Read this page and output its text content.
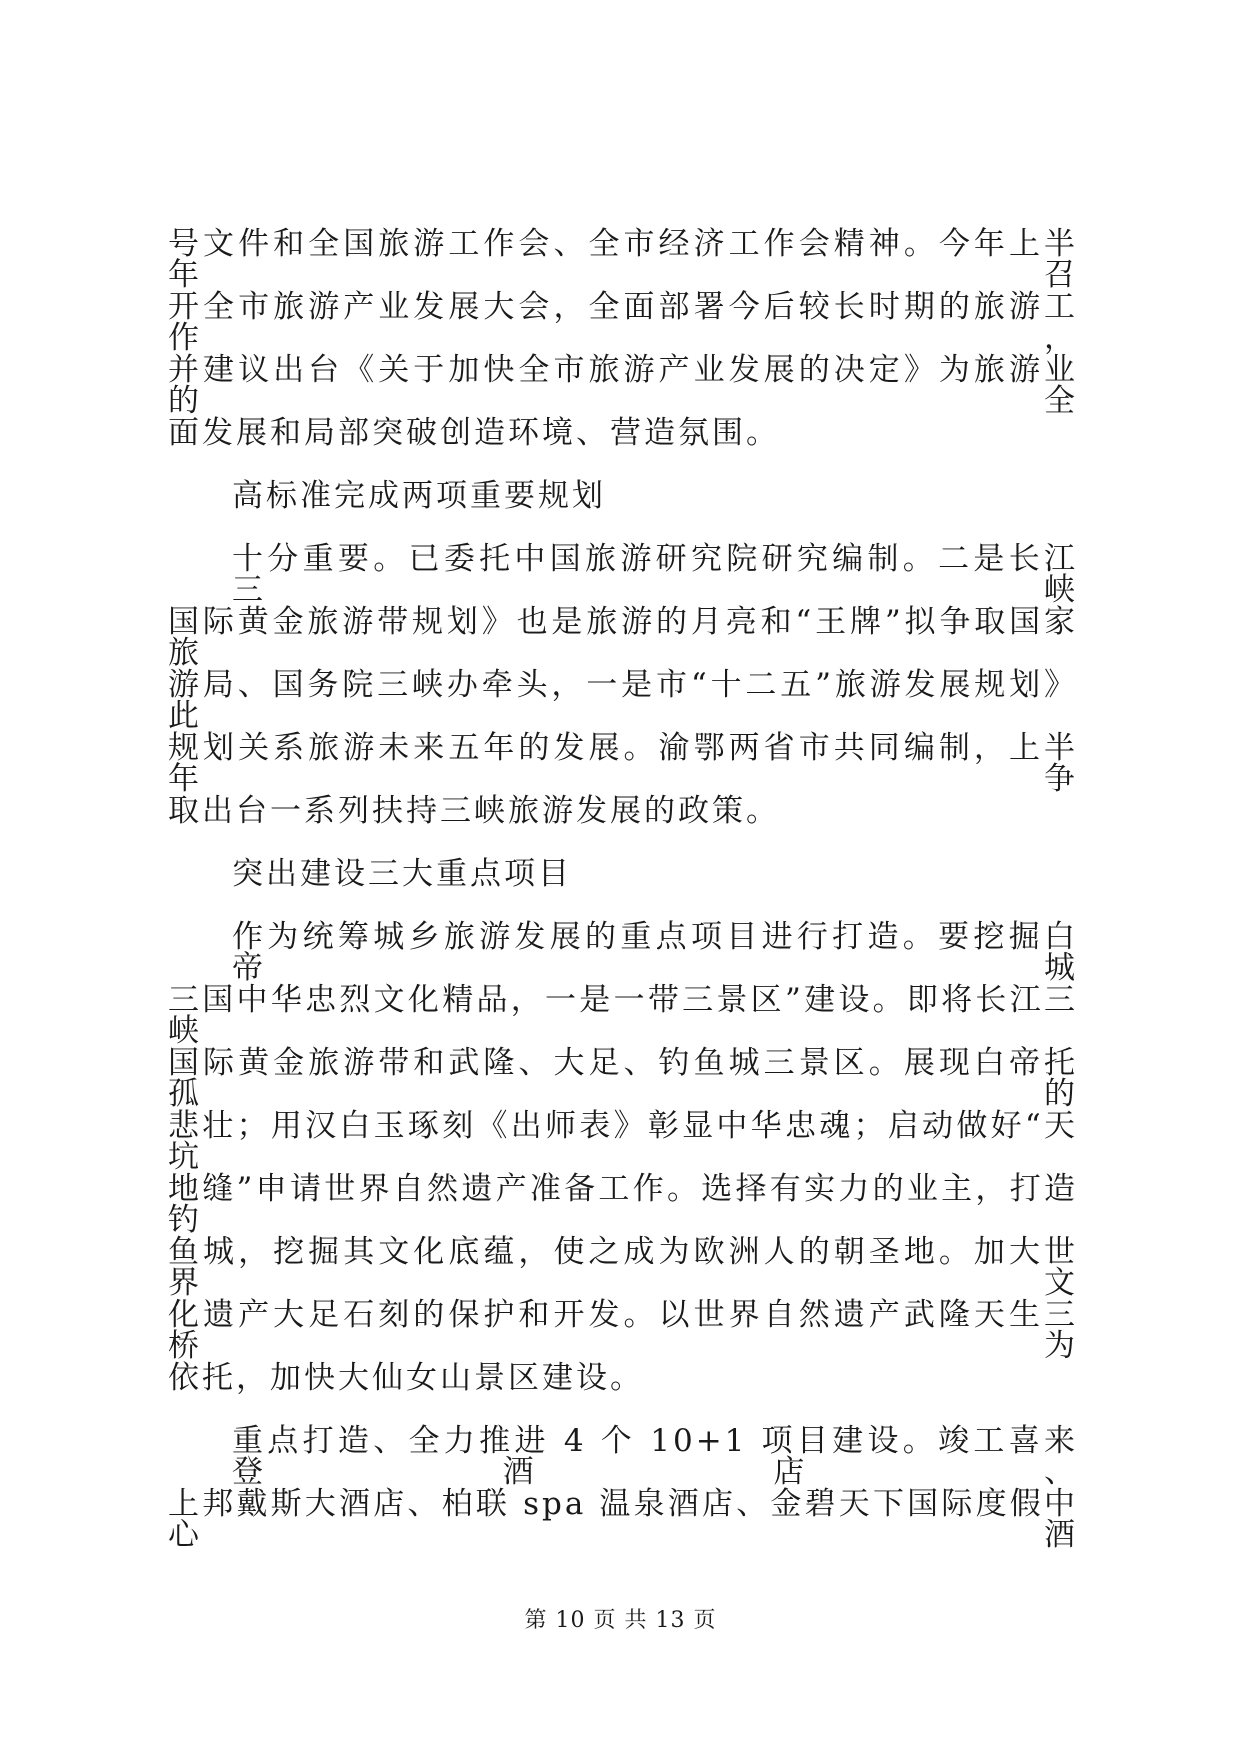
号文件和全国旅游工作会、全市经济工作会精神。今年上半年召
开全市旅游产业发展大会，全面部署今后较长时期的旅游工作，
并建议出台《关于加快全市旅游产业发展的决定》为旅游业的全
面发展和局部突破创造环境、营造氛围。
高标准完成两项重要规划
十分重要。已委托中国旅游研究院研究编制。二是长江三峡
国际黄金旅游带规划》也是旅游的月亮和“王牌”拟争取国家旅
游局、国务院三峡办牵头，一是市“十二五”旅游发展规划》此
规划关系旅游未来五年的发展。渝鄂两省市共同编制，上半年争
取出台一系列扶持三峡旅游发展的政策。
突出建设三大重点项目
作为统筹城乡旅游发展的重点项目进行打造。要挖掘白帝城
三国中华忠烈文化精品，一是一带三景区”建设。即将长江三峡
国际黄金旅游带和武隆、大足、钓鱼城三景区。展现白帝托孤的
悲壮；用汉白玉琢刻《出师表》彰显中华忠魂；启动做好“天坑
地缝”申请世界自然遗产准备工作。选择有实力的业主，打造钓
鱼城，挖掘其文化底蕴，使之成为欧洲人的朝圣地。加大世界文
化遗产大足石刻的保护和开发。以世界自然遗产武隆天生三桥为
依托，加快大仙女山景区建设。
重点打造、全力推进 4 个 10+1 项目建设。竣工喜来登酒店、
上邦戴斯大酒店、柏联 spa 温泉酒店、金碧天下国际度假中心酒
第 10 页 共 13 页
